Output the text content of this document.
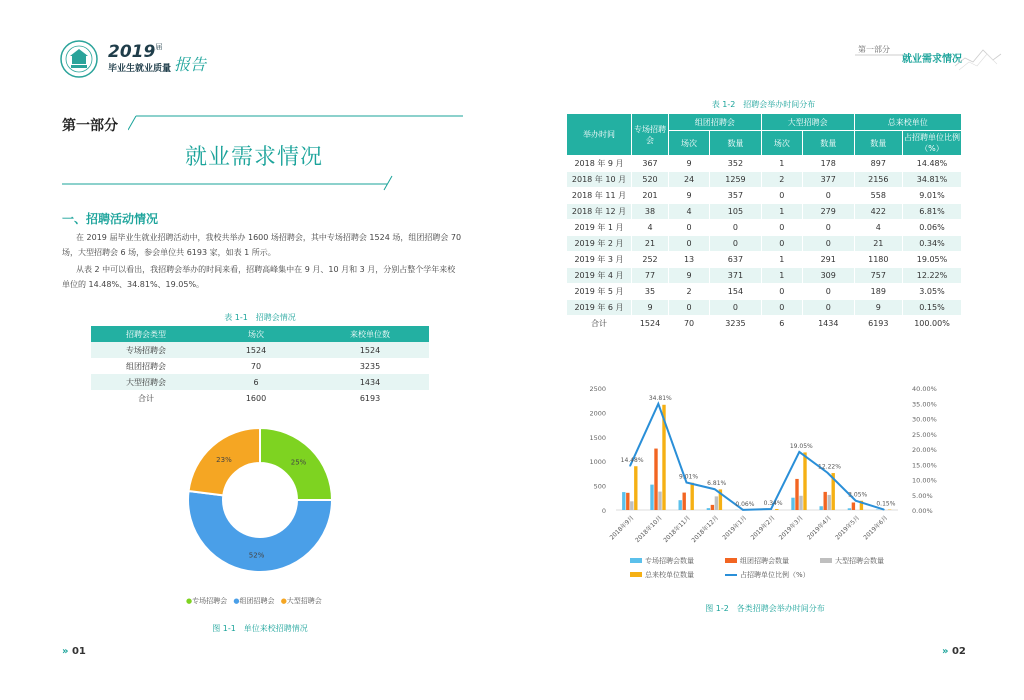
$2019^届$
毕业生就业质量 报告
第一部分
就业需求情况
一、招聘活动情况
在 2019 届毕业生就业招聘活动中，我校共举办 1600 场招聘会，其中专场招聘会 1524 场，组团招聘会 70 场，大型招聘会 6 场，参会单位共 6193 家，如表 1 所示。
从表 2 中可以看出，我招聘会举办的时间来看，招聘高峰集中在 9 月、10 月和 3 月，分别占整个学年来校单位的 14.48%、34.81%、19.05%。
表 1-1　招聘会情况
招聘会类型	场次	来校单位数
专场招聘会	1524	1524
组团招聘会	70	3235
大型招聘会	6	1434
合计	1600	6193
25%
52%
23%
●专场招聘会 ●组团招聘会 ●大型招聘会
图 1-1　单位来校招聘情况
» 01
第一部分
就业需求情况
表 1-2　招聘会举办时间分布
举办时间	专场招聘会	组团招聘会		大型招聘会		总来校单位	
		场次	数量	场次	数量	数量	占招聘单位比例（%）
2018 年 9 月	367	9	352	1	178	897	14.48%
2018 年 10 月	520	24	1259	2	377	2156	34.81%
2018 年 11 月	201	9	357	0	0	558	9.01%
2018 年 12 月	38	4	105	1	279	422	6.81%
2019 年 1 月	4	0	0	0	0	4	0.06%
2019 年 2 月	21	0	0	0	0	21	0.34%
2019 年 3 月	252	13	637	1	291	1180	19.05%
2019 年 4 月	77	9	371	1	309	757	12.22%
2019 年 5 月	35	2	154	0	0	189	3.05%
2019 年 6 月	9	0	0	0	0	9	0.15%
合计	1524	70	3235	6	1434	6193	100.00%
0
500
1000
1500
2000
2500
0.00%
5.00%
10.00%
15.00%
20.00%
25.00%
30.00%
35.00%
40.00%
14.48%
34.81%
9.01%
6.81%
0.06% 0.34%
19.05%
12.22%
3.05%
0.15%
2018年9月
2018年10月
2018年11月
2018年12月 2019年1月 2019年2月 2019年3月 2019年4月 2019年5月 2019年6月
专场招聘会数量	组团招聘会数量	大型招聘会数量
总来校单位数量	占招聘单位比例（%）
图 1-2　各类招聘会举办时间分布
» 02
